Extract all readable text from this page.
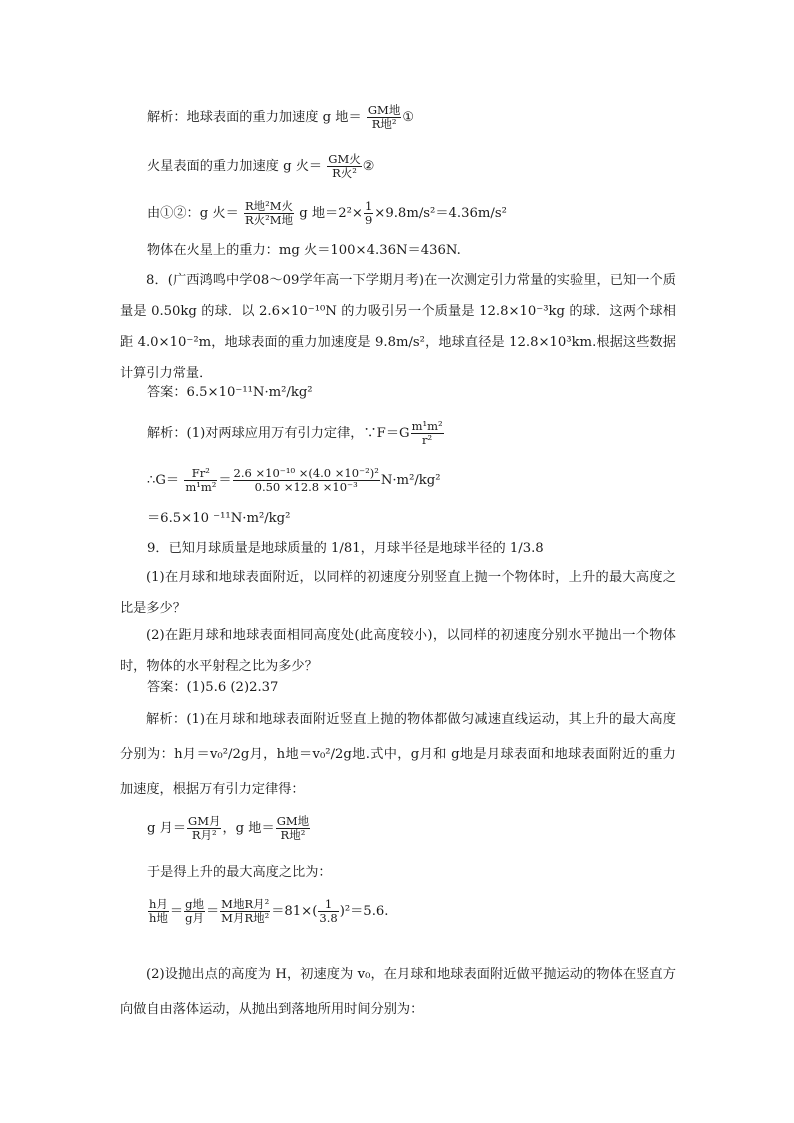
解析：地球表面的重力加速度 g 地＝ $\frac{\text{GM地}}{\text{R地²}}$ ①
火星表面的重力加速度 g 火＝ $\frac{\text{GM火}}{\text{R火²}}$ ②
由①②：g 火＝ $\frac{\text{R地²M火}}{\text{R火²M地}}$ g 地$=2^2\times \frac{1}{9} \times 9.8m/s^2=4.36m/s^2$
物体在火星上的重力：mg 火＝100×4.36N＝436N.
8．(广西鸿鸣中学08～09学年高一下学期月考)在一次测定引力常量的实验里，已知一个质量是 0.50kg 的球．以 2.6×10⁻¹⁰N 的力吸引另一个质量是 12.8×10⁻³kg 的球．这两个球相距 4.0×10⁻²m，地球表面的重力加速度是 9.8m/s²，地球直径是 12.8×10³km.根据这些数据计算引力常量．
答案：6.5×10⁻¹¹N·m²/kg²
解析：(1)对两球应用万有引力定律，∵F＝G $\frac{\text{m¹m²}}{\text{r²}}$
∴G＝ $\frac{\text{Fr²}}{\text{m¹m²}} = \frac{\text{2.6 ×10⁻¹⁰ ×(4.0 ×10⁻²)²}}{\text{0.50 ×12.8 ×10⁻³}} N\cdot m^2/kg^2$
＝6.5×10 ⁻¹¹N·m²/kg²
9．已知月球质量是地球质量的 1/81，月球半径是地球半径的 1/3.8
(1)在月球和地球表面附近，以同样的初速度分别竖直上抛一个物体时，上升的最大高度之比是多少？
(2)在距月球和地球表面相同高度处(此高度较小)，以同样的初速度分别水平抛出一个物体时，物体的水平射程之比为多少？
答案：(1)5.6 (2)2.37
解析：(1)在月球和地球表面附近竖直上抛的物体都做匀减速直线运动，其上升的最大高度分别为：h月＝v₀²/2g月，h地＝v₀²/2g地.式中，g月和 g地是月球表面和地球表面附近的重力加速度，根据万有引力定律得：
g 月＝ $\frac{\text{GM月}}{\text{R月²}}$ ，g 地＝ $\frac{\text{GM地}}{\text{R地²}}$
于是得上升的最大高度之比为：
$\frac{\text{h月}}{\text{h地}} = \frac{\text{g地}}{\text{g月}} = \frac{\text{M地R月²}}{\text{M月R地²}} =81\times( \frac{1}{3.8} )^2=5.6$.
(2)设抛出点的高度为 H，初速度为 v₀，在月球和地球表面附近做平抛运动的物体在竖直方向做自由落体运动，从抛出到落地所用时间分别为：
